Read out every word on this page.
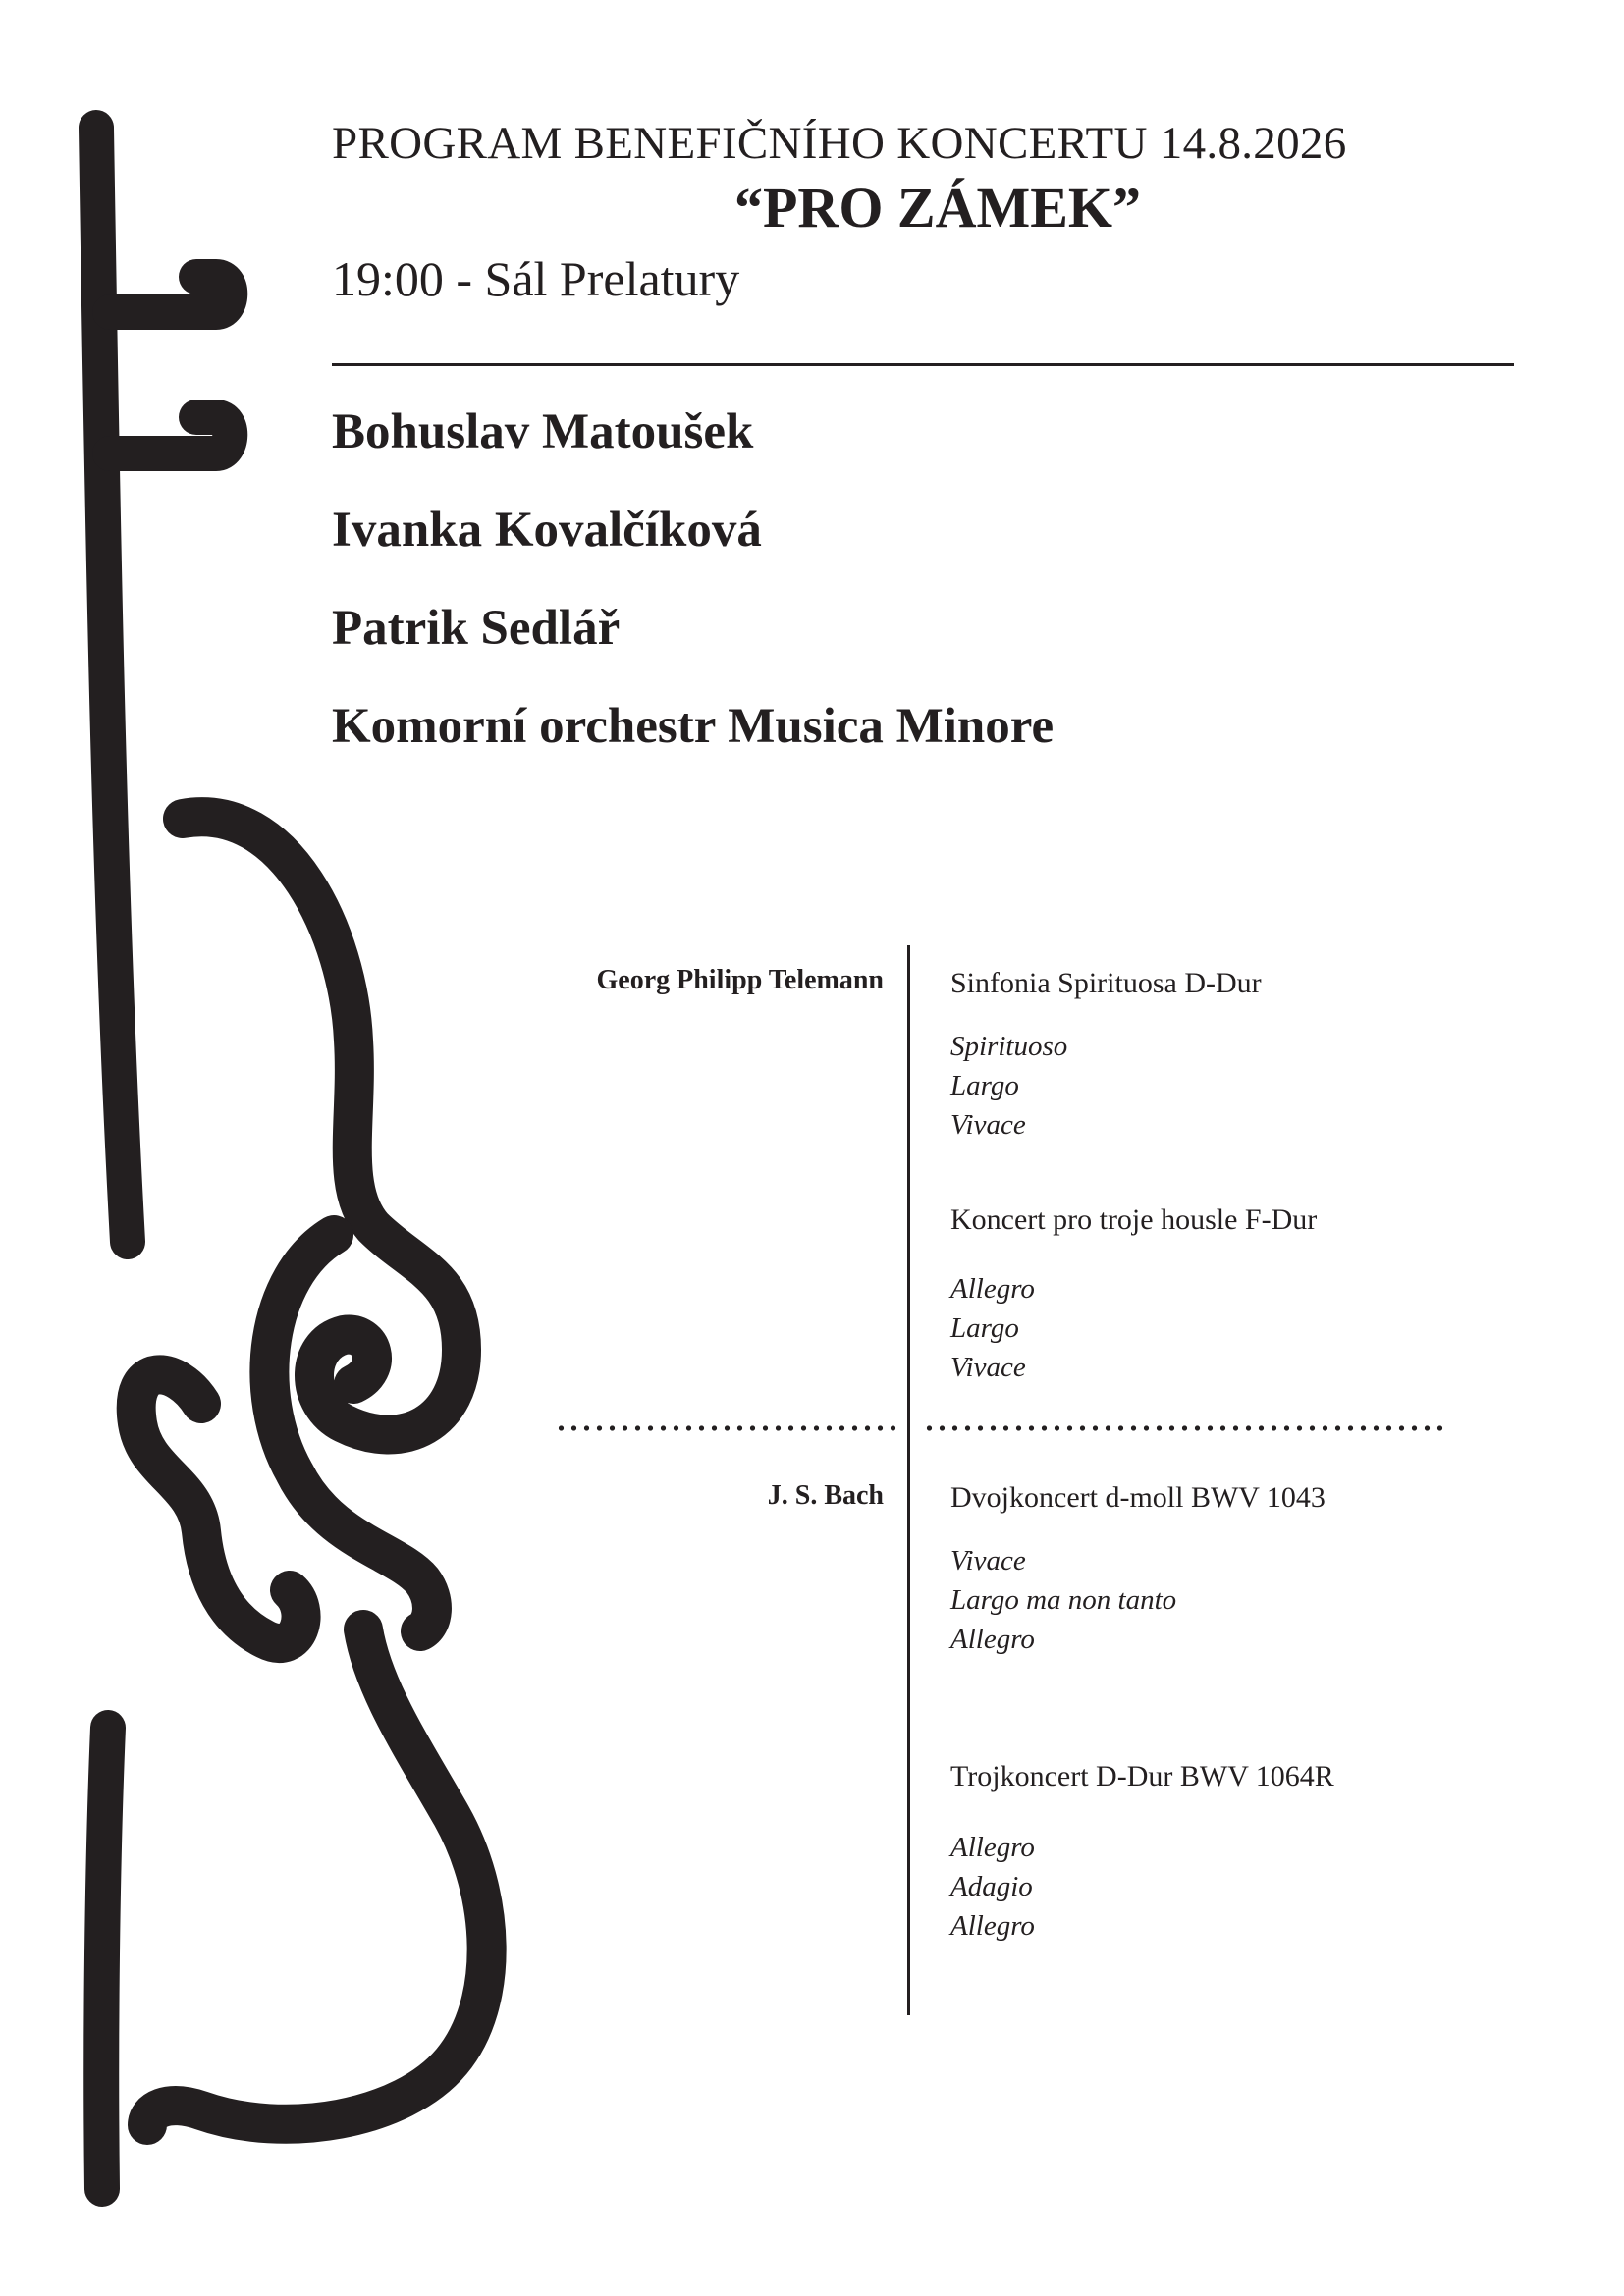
PROGRAM BENEFIČNÍHO KONCERTU 14.8.2026
“PRO ZÁMEK”
19:00 - Sál Prelatury
Bohuslav Matoušek
Ivanka Kovalčíková
Patrik Sedlář
Komorní orchestr Musica Minore
Georg Philipp Telemann Sinfonia Spirituosa D-Dur
Spirituoso
Largo
Vivace
Koncert pro troje housle F-Dur
Allegro
Largo
Vivace
J. S. Bach Dvojkoncert d-moll BWV 1043
Vivace
Largo ma non tanto
Allegro
Trojkoncert D-Dur BWV 1064R
Allegro
Adagio
Allegro
